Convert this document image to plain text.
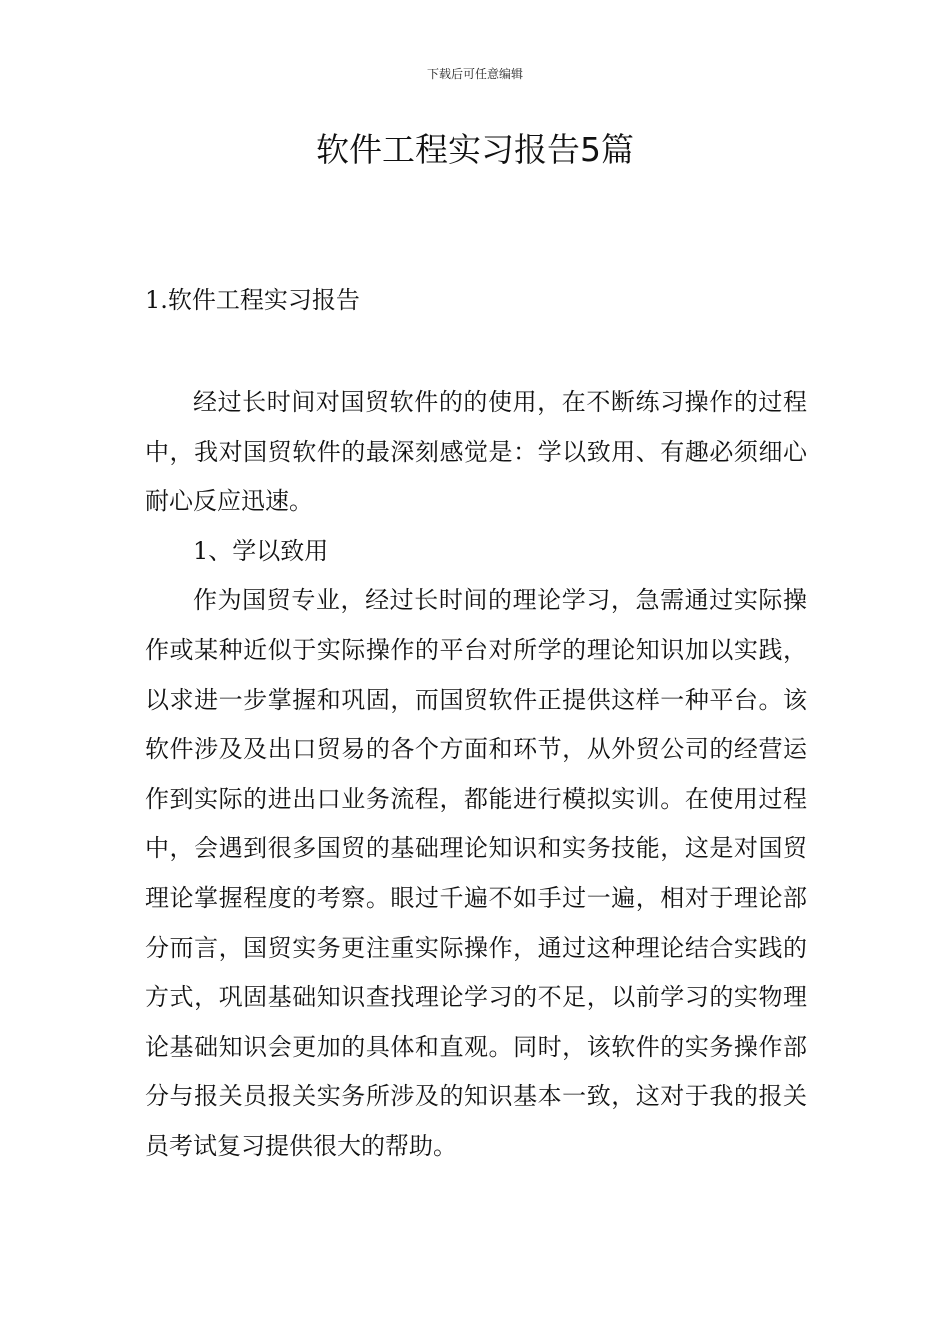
下载后可任意编辑
软件工程实习报告5篇
1.软件工程实习报告

经过长时间对国贸软件的的使用，在不断练习操作的过程中，我对国贸软件的最深刻感觉是：学以致用、有趣必须细心耐心反应迅速。

1、学以致用

作为国贸专业，经过长时间的理论学习，急需通过实际操作或某种近似于实际操作的平台对所学的理论知识加以实践，以求进一步掌握和巩固，而国贸软件正提供这样一种平台。该软件涉及及出口贸易的各个方面和环节，从外贸公司的经营运作到实际的进出口业务流程，都能进行模拟实训。在使用过程中，会遇到很多国贸的基础理论知识和实务技能，这是对国贸理论掌握程度的考察。眼过千遍不如手过一遍，相对于理论部分而言，国贸实务更注重实际操作，通过这种理论结合实践的方式，巩固基础知识查找理论学习的不足，以前学习的实物理论基础知识会更加的具体和直观。同时，该软件的实务操作部分与报关员报关实务所涉及的知识基本一致，这对于我的报关员考试复习提供很大的帮助。
